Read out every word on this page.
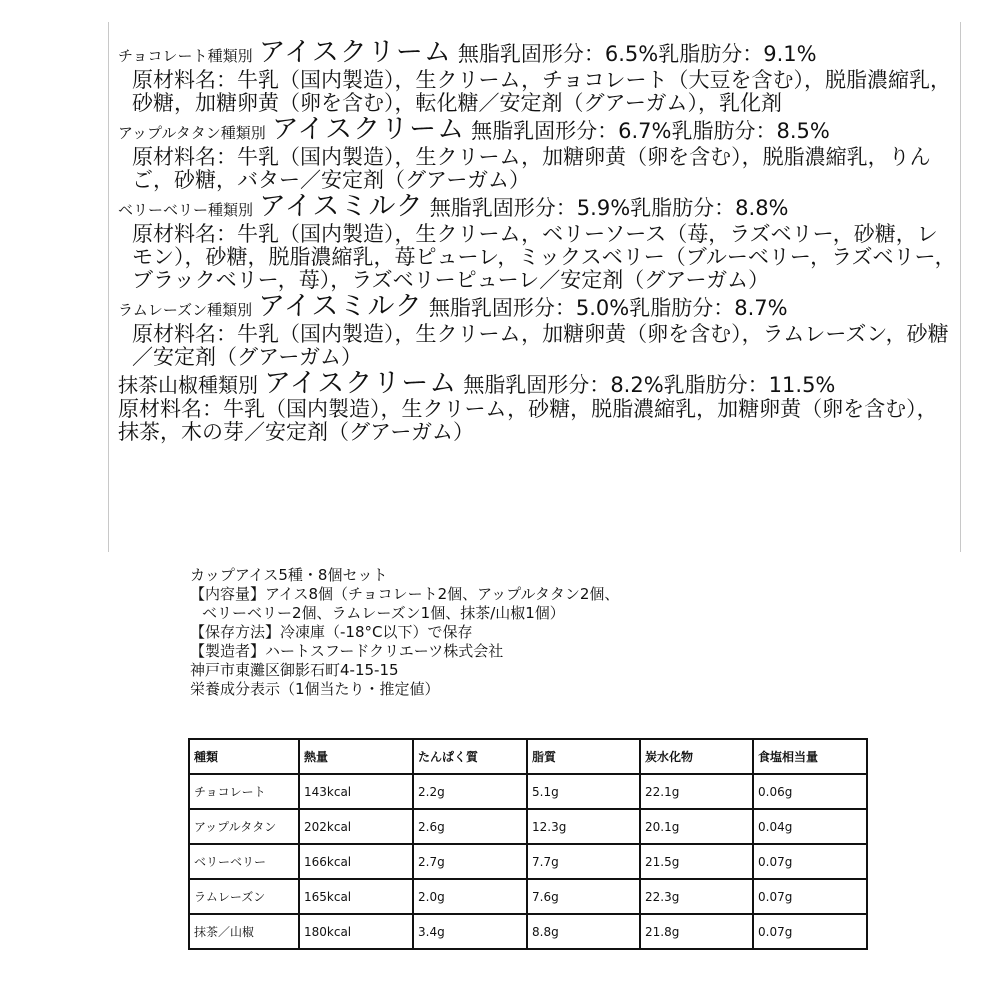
チョコレート種類別 アイスクリーム 無脂乳固形分：6.5%乳脂肪分：9.1%
原材料名：牛乳（国内製造），生クリーム，チョコレート（大豆を含む），脱脂濃縮乳，砂糖，加糖卵黄（卵を含む），転化糖／安定剤（グアーガム），乳化剤
アップルタタン種類別 アイスクリーム 無脂乳固形分：6.7%乳脂肪分：8.5%
原材料名：牛乳（国内製造），生クリーム，加糖卵黄（卵を含む），脱脂濃縮乳，りんご，砂糖，バター／安定剤（グアーガム）
ベリーベリー種類別 アイスミルク 無脂乳固形分：5.9%乳脂肪分：8.8%
原材料名：牛乳（国内製造），生クリーム，ベリーソース（苺，ラズベリー，砂糖，レモン），砂糖，脱脂濃縮乳，苺ピューレ，ミックスベリー（ブルーベリー，ラズベリー，ブラックベリー，苺），ラズベリーピューレ／安定剤（グアーガム）
ラムレーズン種類別 アイスミルク 無脂乳固形分：5.0%乳脂肪分：8.7%
原材料名：牛乳（国内製造），生クリーム，加糖卵黄（卵を含む），ラムレーズン，砂糖／安定剤（グアーガム）
抹茶山椒種類別 アイスクリーム 無脂乳固形分：8.2%乳脂肪分：11.5%
原材料名：牛乳（国内製造），生クリーム，砂糖，脱脂濃縮乳，加糖卵黄（卵を含む），抹茶，木の芽／安定剤（グアーガム）
カップアイス5種・8個セット
【内容量】アイス8個（チョコレート2個、アップルタタン2個、
ベリーベリー2個、ラムレーズン1個、抹茶/山椒1個）
【保存方法】冷凍庫（-18°C以下）で保存
【製造者】ハートスフードクリエーツ株式会社
神戸市東灘区御影石町4-15-15
栄養成分表示（1個当たり・推定値）
種類	熱量	たんぱく質	脂質	炭水化物	食塩相当量
チョコレート	143kcal	2.2g	5.1g	22.1g	0.06g
アップルタタン	202kcal	2.6g	12.3g	20.1g	0.04g
ベリーベリー	166kcal	2.7g	7.7g	21.5g	0.07g
ラムレーズン	165kcal	2.0g	7.6g	22.3g	0.07g
抹茶／山椒	180kcal	3.4g	8.8g	21.8g	0.07g
